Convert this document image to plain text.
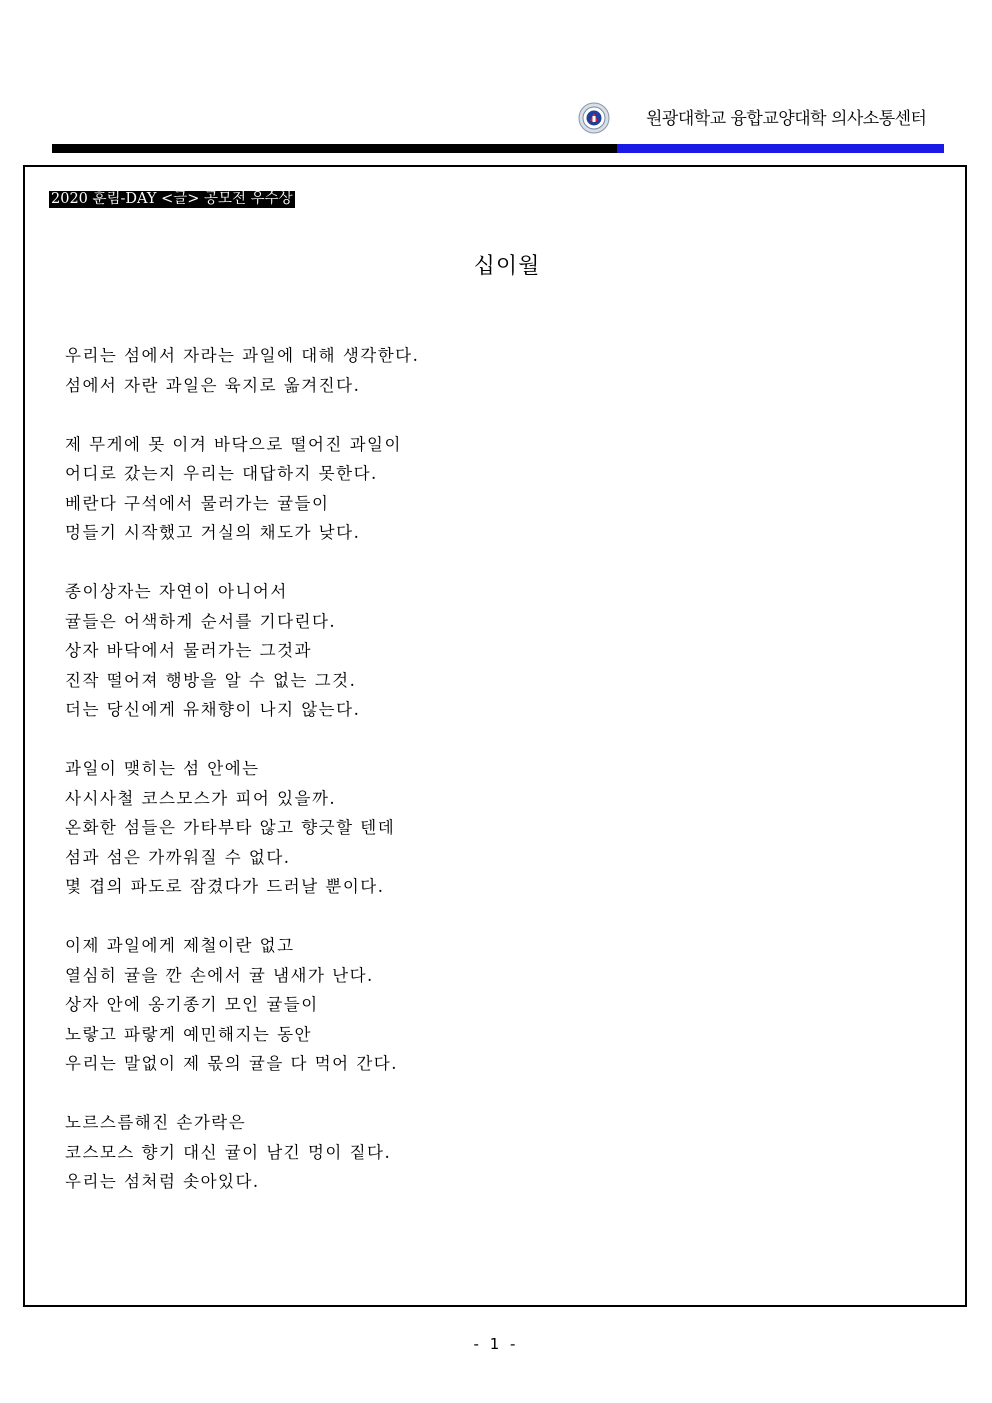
원광대학교 융합교양대학 의사소통센터
2020 훈림-DAY <글> 공모전 우수상
십이월
우리는 섬에서 자라는 과일에 대해 생각한다.
섬에서 자란 과일은 육지로 옮겨진다.
제 무게에 못 이겨 바닥으로 떨어진 과일이
어디로 갔는지 우리는 대답하지 못한다.
베란다 구석에서 물러가는 귤들이
멍들기 시작했고 거실의 채도가 낮다.
종이상자는 자연이 아니어서
귤들은 어색하게 순서를 기다린다.
상자 바닥에서 물러가는 그것과
진작 떨어져 행방을 알 수 없는 그것.
더는 당신에게 유채향이 나지 않는다.
과일이 맺히는 섬 안에는
사시사철 코스모스가 피어 있을까.
온화한 섬들은 가타부타 않고 향긋할 텐데
섬과 섬은 가까워질 수 없다.
몇 겹의 파도로 잠겼다가 드러날 뿐이다.
이제 과일에게 제철이란 없고
열심히 귤을 깐 손에서 귤 냄새가 난다.
상자 안에 옹기종기 모인 귤들이
노랗고 파랗게 예민해지는 동안
우리는 말없이 제 몫의 귤을 다 먹어 간다.
노르스름해진 손가락은
코스모스 향기 대신 귤이 남긴 멍이 짙다.
우리는 섬처럼 솟아있다.
- 1 -
